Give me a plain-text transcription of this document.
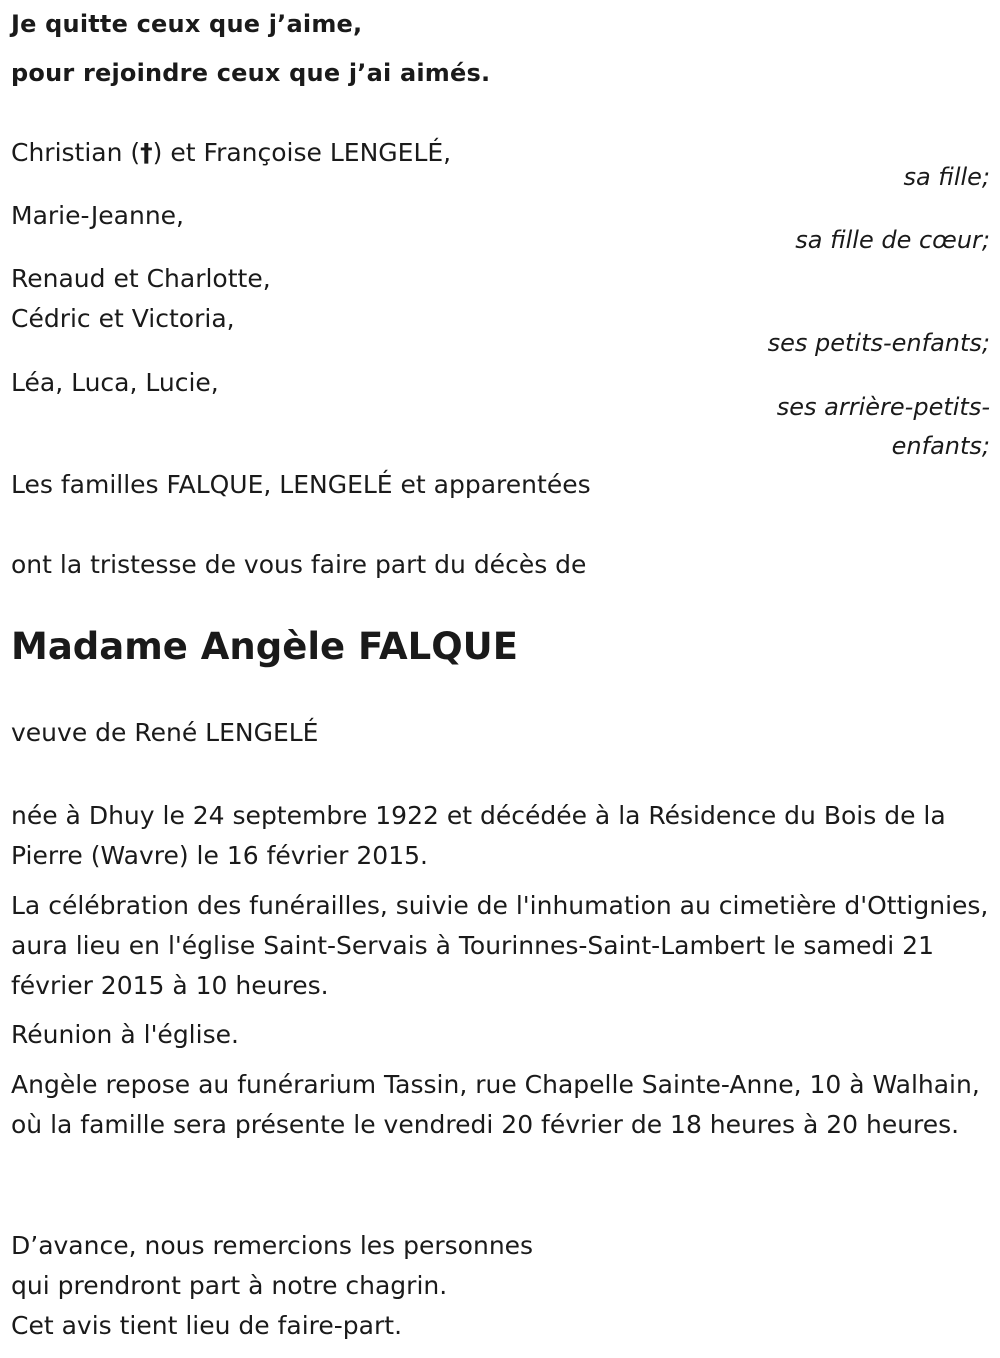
Je quitte ceux que j’aime,
pour rejoindre ceux que j’ai aimés.
Christian (†) et Françoise LENGELÉ,
sa fille;
Marie-Jeanne,
sa fille de cœur;
Renaud et Charlotte,
Cédric et Victoria,
ses petits-enfants;
Léa, Luca, Lucie,
ses arrière-petits-
enfants;
Les familles FALQUE, LENGELÉ et apparentées
ont la tristesse de vous faire part du décès de
Madame Angèle FALQUE
veuve de René LENGELÉ
née à Dhuy le 24 septembre 1922 et décédée à la Résidence du Bois de la Pierre (Wavre) le 16 février 2015.
La célébration des funérailles, suivie de l'inhumation au cimetière d'Ottignies, aura lieu en l'église Saint-Servais à Tourinnes-Saint-Lambert le samedi 21 février 2015 à 10 heures.
Réunion à l'église.
Angèle repose au funérarium Tassin, rue Chapelle Sainte-Anne, 10 à Walhain, où la famille sera présente le vendredi 20 février de 18 heures à 20 heures.
D’avance, nous remercions les personnes
qui prendront part à notre chagrin.
Cet avis tient lieu de faire-part.
